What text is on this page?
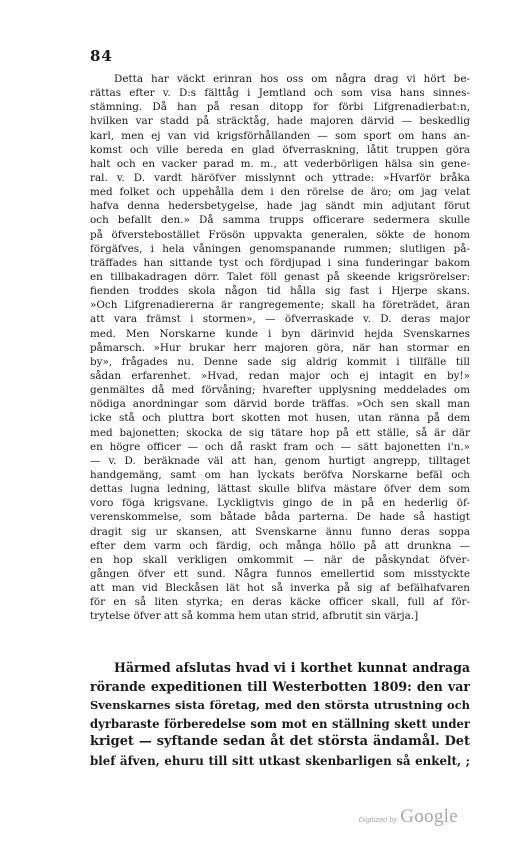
84
Detta har väckt erinran hos oss om några drag vi hört be-
rättas efter v. D:s fälttåg i Jemtland och som visa hans sinnes-
stämning. Då han på resan ditopp for förbi Lifgrenadierbat:n,
hvilken var stadd på sträcktåg, hade majoren därvid — beskedlig
karl, men ej van vid krigsförhållanden — som sport om hans an-
komst och ville bereda en glad öfverraskning, låtit truppen göra
halt och en vacker parad m. m., att vederbörligen hälsa sin gene-
ral. v. D. vardt häröfver misslynnt och yttrade: »Hvarför bråka
med folket och uppehålla dem i den rörelse de äro; om jag velat
hafva denna hedersbetygelse, hade jag sändt min adjutant förut
och befallt den.» Då samma trupps officerare sedermera skulle
på öfverstebostället Frösön uppvakta generalen, sökte de honom
förgäfves, i hela våningen genomspanande rummen; slutligen på-
träffades han sittande tyst och fördjupad i sina funderingar bakom
en tillbakadragen dörr. Talet föll genast på skeende krigsrörelser:
fienden troddes skola någon tid hålla sig fast i Hjerpe skans.
»Och Lifgrenadiererna är rangregemente; skall ha företrädet, äran
att vara främst i stormen», — öfverraskade v. D. deras major
med. Men Norskarne kunde i byn därinvid hejda Svenskarnes
påmarsch. »Hur brukar herr majoren göra, när han stormar en
by», frågades nu. Denne sade sig aldrig kommit i tillfälle till
sådan erfarenhet. »Hvad, redan major och ej intagit en by!»
genmältes då med förvåning; hvarefter upplysning meddelades om
nödiga anordningar som därvid borde träffas. »Och sen skall man
icke stå och pluttra bort skotten mot husen, utan ränna på dem
med bajonetten; skocka de sig tätare hop på ett ställe, så är där
en högre officer — och då raskt fram och — sätt bajonetten i'n.»
— v. D. beräknade väl att han, genom hurtigt angrepp, tilltaget
handgemäng, samt om han lyckats beröfva Norskarne befäl och
dettas lugna ledning, lättast skulle blifva mästare öfver dem som
voro föga krigsvane. Lyckligtvis gingo de in på en hederlig öf-
verenskommelse, som båtade båda parterna. De hade så hastigt
dragit sig ur skansen, att Svenskarne ännu funno deras soppa
efter dem varm och färdig, och många höllo på att drunkna —
en hop skall verkligen omkommit — när de påskyndat öfver-
gången öfver ett sund. Några funnos emellertid som misstyckte
att man vid Bleckåsen lät hot så inverka på sig af befälhafvaren
för en så liten styrka; en deras käcke officer skall, full af för-
trytelse öfver att så komma hem utan strid, afbrutit sin värja.]
Härmed afslutas hvad vi i korthet kunnat andraga
rörande expeditionen till Westerbotten 1809: den var
Svenskarnes sista företag, med den största utrustning och
dyrbaraste förberedelse som mot en ställning skett under
kriget — syftande sedan åt det största ändamål. Det
blef äfven, ehuru till sitt utkast skenbarligen så enkelt, ;
Digitized by Google
